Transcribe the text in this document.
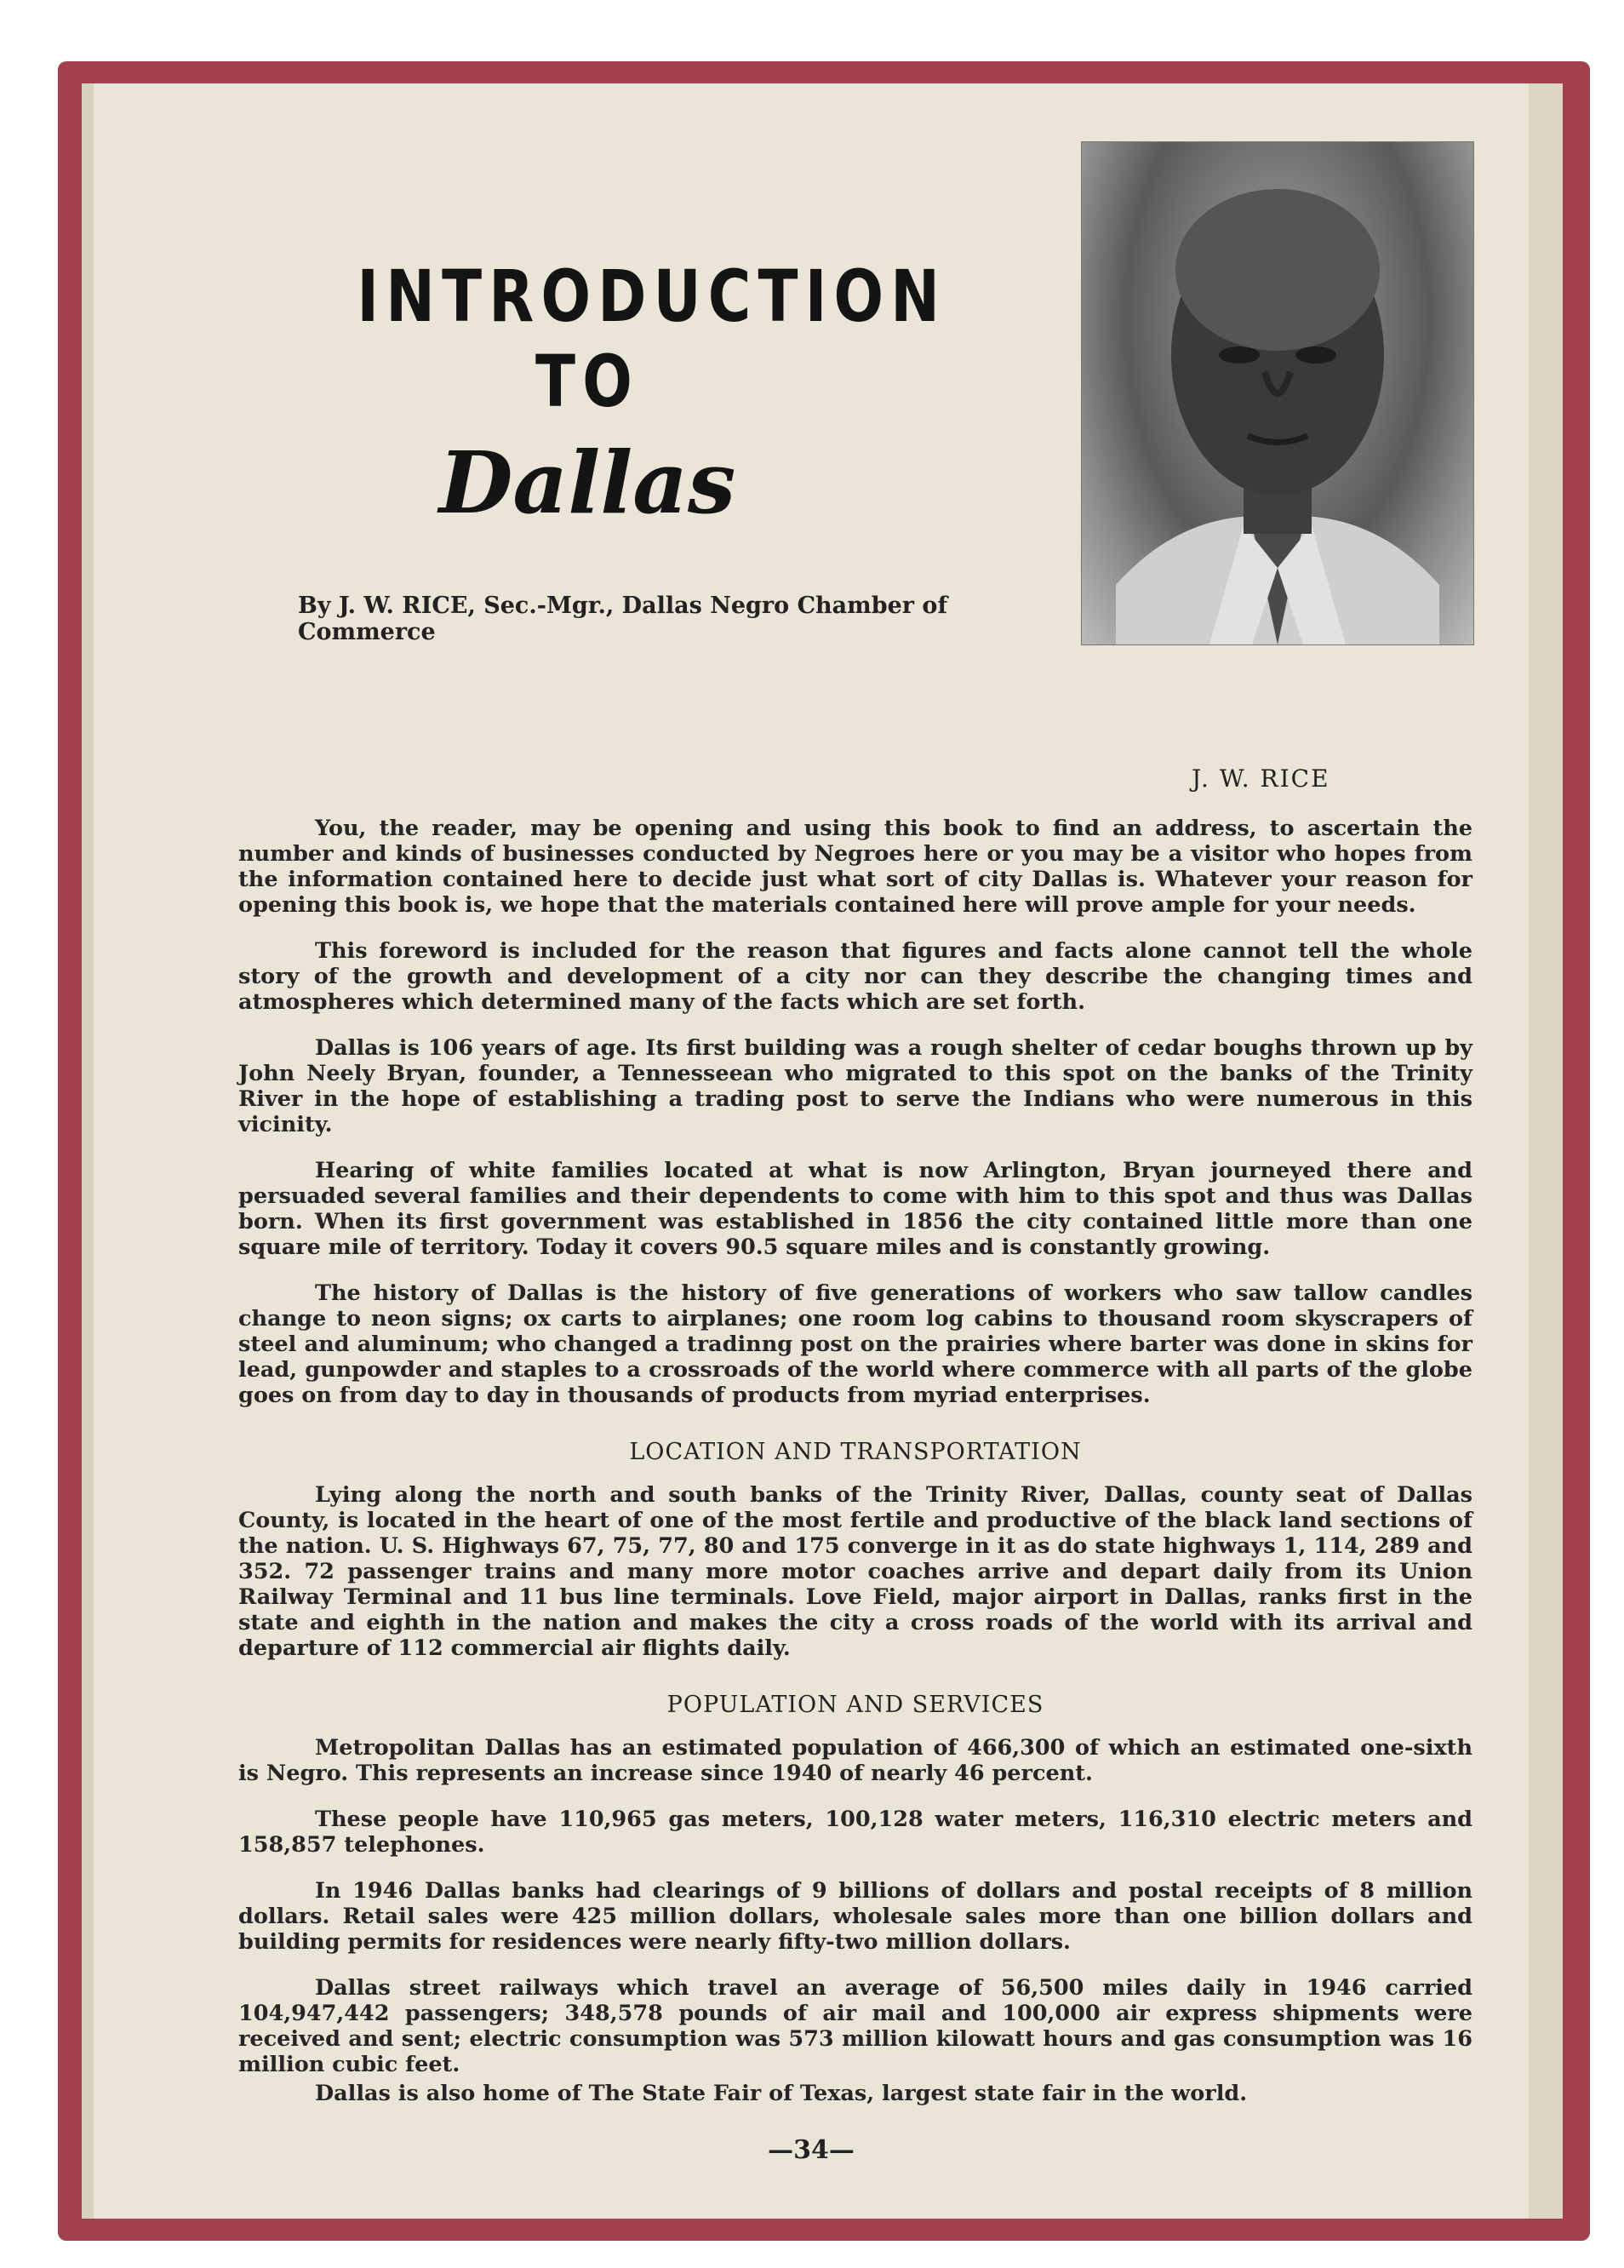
INTRODUCTION
TO
Dallas
By J. W. RICE, Sec.-Mgr., Dallas Negro Chamber of Commerce
J. W. RICE

You, the reader, may be opening and using this book to find an address, to ascertain the number and kinds of businesses conducted by Negroes here or you may be a visitor who hopes from the information contained here to decide just what sort of city Dallas is. Whatever your reason for opening this book is, we hope that the materials contained here will prove ample for your needs.

This foreword is included for the reason that figures and facts alone cannot tell the whole story of the growth and development of a city nor can they describe the changing times and atmospheres which determined many of the facts which are set forth.

Dallas is 106 years of age. Its first building was a rough shelter of cedar boughs thrown up by John Neely Bryan, founder, a Tennesseean who migrated to this spot on the banks of the Trinity River in the hope of establishing a trading post to serve the Indians who were numerous in this vicinity.

Hearing of white families located at what is now Arlington, Bryan journeyed there and persuaded several families and their dependents to come with him to this spot and thus was Dallas born. When its first government was established in 1856 the city contained little more than one square mile of territory. Today it covers 90.5 square miles and is constantly growing.

The history of Dallas is the history of five generations of workers who saw tallow candles change to neon signs; ox carts to airplanes; one room log cabins to thousand room skyscrapers of steel and aluminum; who changed a tradinng post on the prairies where barter was done in skins for lead, gunpowder and staples to a crossroads of the world where commerce with all parts of the globe goes on from day to day in thousands of products from myriad enterprises.

LOCATION AND TRANSPORTATION

Lying along the north and south banks of the Trinity River, Dallas, county seat of Dallas County, is located in the heart of one of the most fertile and productive of the black land sections of the nation. U. S. Highways 67, 75, 77, 80 and 175 converge in it as do state highways 1, 114, 289 and 352. 72 passenger trains and many more motor coaches arrive and depart daily from its Union Railway Terminal and 11 bus line terminals. Love Field, major airport in Dallas, ranks first in the state and eighth in the nation and makes the city a cross roads of the world with its arrival and departure of 112 commercial air flights daily.

POPULATION AND SERVICES

Metropolitan Dallas has an estimated population of 466,300 of which an estimated one-sixth is Negro. This represents an increase since 1940 of nearly 46 percent.

These people have 110,965 gas meters, 100,128 water meters, 116,310 electric meters and 158,857 telephones.

In 1946 Dallas banks had clearings of 9 billions of dollars and postal receipts of 8 million dollars. Retail sales were 425 million dollars, wholesale sales more than one billion dollars and building permits for residences were nearly fifty-two million dollars.

Dallas street railways which travel an average of 56,500 miles daily in 1946 carried 104,947,442 passengers; 348,578 pounds of air mail and 100,000 air express shipments were received and sent; electric consumption was 573 million kilowatt hours and gas consumption was 16 million cubic feet.

Dallas is also home of The State Fair of Texas, largest state fair in the world.

—34—
